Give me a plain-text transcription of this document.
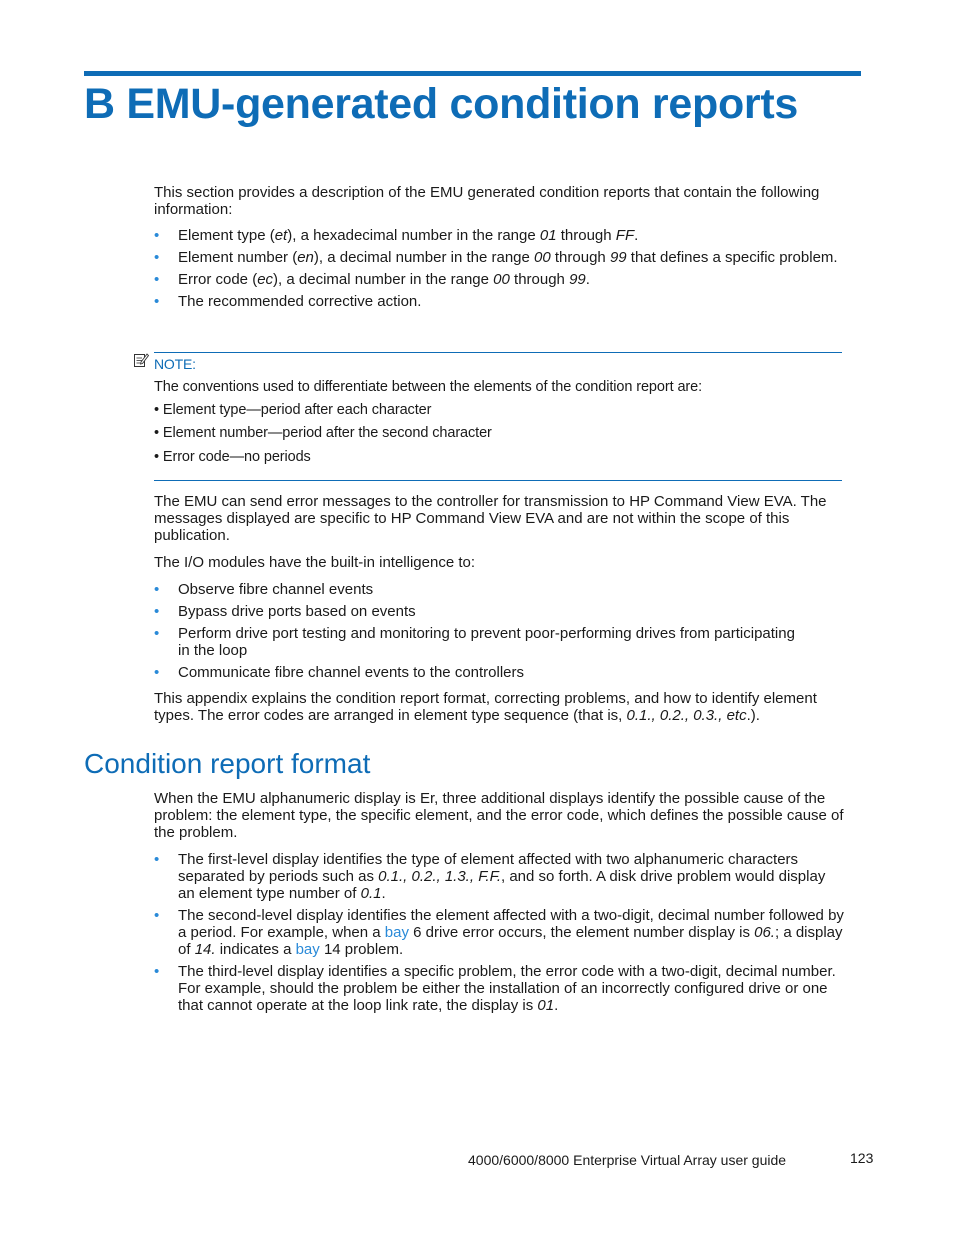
B EMU-generated condition reports

This section provides a description of the EMU generated condition reports that contain the following information:

• Element type (et), a hexadecimal number in the range 01 through FF.
• Element number (en), a decimal number in the range 00 through 99 that defines a specific problem.
• Error code (ec), a decimal number in the range 00 through 99.
• The recommended corrective action.
NOTE:
The conventions used to differentiate between the elements of the condition report are:
• Element type—period after each character
• Element number—period after the second character
• Error code—no periods

The EMU can send error messages to the controller for transmission to HP Command View EVA. The messages displayed are specific to HP Command View EVA and are not within the scope of this publication.

The I/O modules have the built-in intelligence to:

• Observe fibre channel events
• Bypass drive ports based on events
• Perform drive port testing and monitoring to prevent poor-performing drives from participating in the loop
• Communicate fibre channel events to the controllers

This appendix explains the condition report format, correcting problems, and how to identify element types. The error codes are arranged in element type sequence (that is, 0.1., 0.2., 0.3., etc.).

Condition report format

When the EMU alphanumeric display is Er, three additional displays identify the possible cause of the problem: the element type, the specific element, and the error code, which defines the possible cause of the problem.

• The first-level display identifies the type of element affected with two alphanumeric characters separated by periods such as 0.1., 0.2., 1.3., F.F., and so forth. A disk drive problem would display an element type number of 0.1.
• The second-level display identifies the element affected with a two-digit, decimal number followed by a period. For example, when a bay 6 drive error occurs, the element number display is 06.; a display of 14. indicates a bay 14 problem.
• The third-level display identifies a specific problem, the error code with a two-digit, decimal number. For example, should the problem be either the installation of an incorrectly configured drive or one that cannot operate at the loop link rate, the display is 01.
4000/6000/8000 Enterprise Virtual Array user guide	123
